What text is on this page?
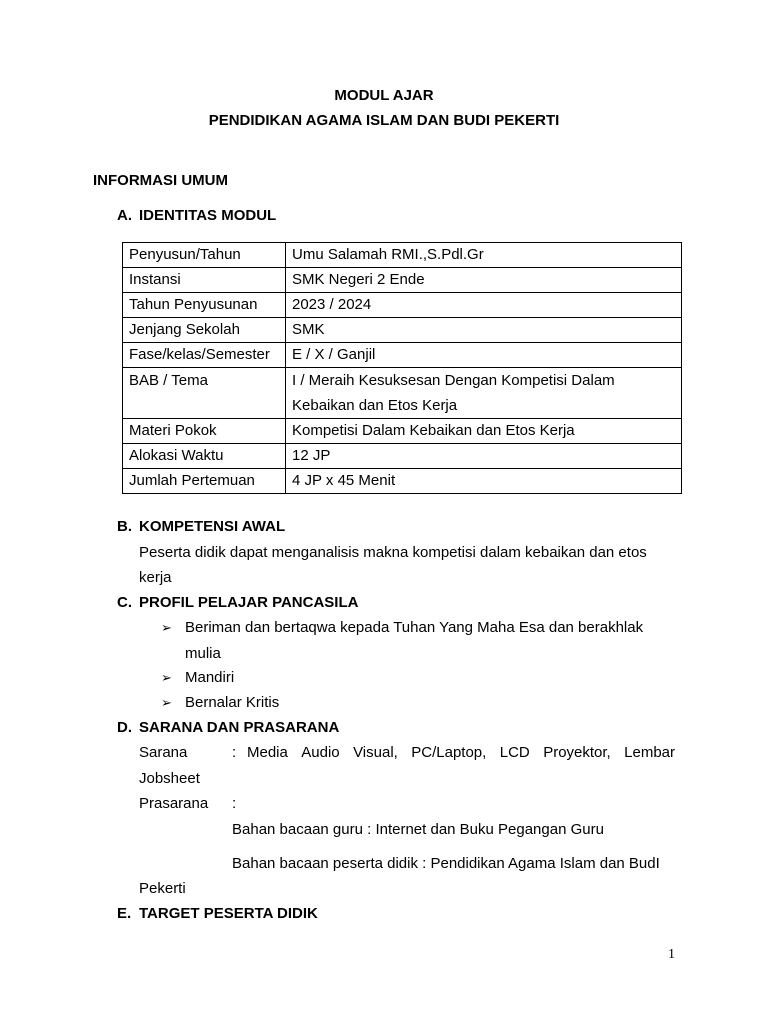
MODUL AJAR
PENDIDIKAN AGAMA ISLAM DAN BUDI PEKERTI
INFORMASI UMUM
A. IDENTITAS MODUL
Penyusun/Tahun	Umu Salamah RMI.,S.Pdl.Gr
Instansi	SMK Negeri 2 Ende
Tahun Penyusunan	2023 / 2024
Jenjang Sekolah	SMK
Fase/kelas/Semester	E / X / Ganjil
BAB / Tema	I / Meraih Kesuksesan Dengan Kompetisi Dalam
Kebaikan dan Etos Kerja

Materi Pokok	Kompetisi Dalam Kebaikan dan Etos Kerja
Alokasi Waktu	12 JP
Jumlah Pertemuan	4 JP x 45 Menit
B. KOMPETENSI AWAL
Peserta didik dapat menganalisis makna kompetisi dalam kebaikan dan etos
kerja
C. PROFIL PELAJAR PANCASILA
➢ Beriman dan bertaqwa kepada Tuhan Yang Maha Esa dan berakhlak
mulia
➢ Mandiri
➢ Bernalar Kritis
D. SARANA DAN PRASARANA
Sarana	: Media Audio Visual, PC/Laptop, LCD Proyektor, Lembar
Jobsheet
Prasarana :
Bahan bacaan guru : Internet dan Buku Pegangan Guru
Bahan bacaan peserta didik : Pendidikan Agama Islam dan BudI
Pekerti
E. TARGET PESERTA DIDIK
1
